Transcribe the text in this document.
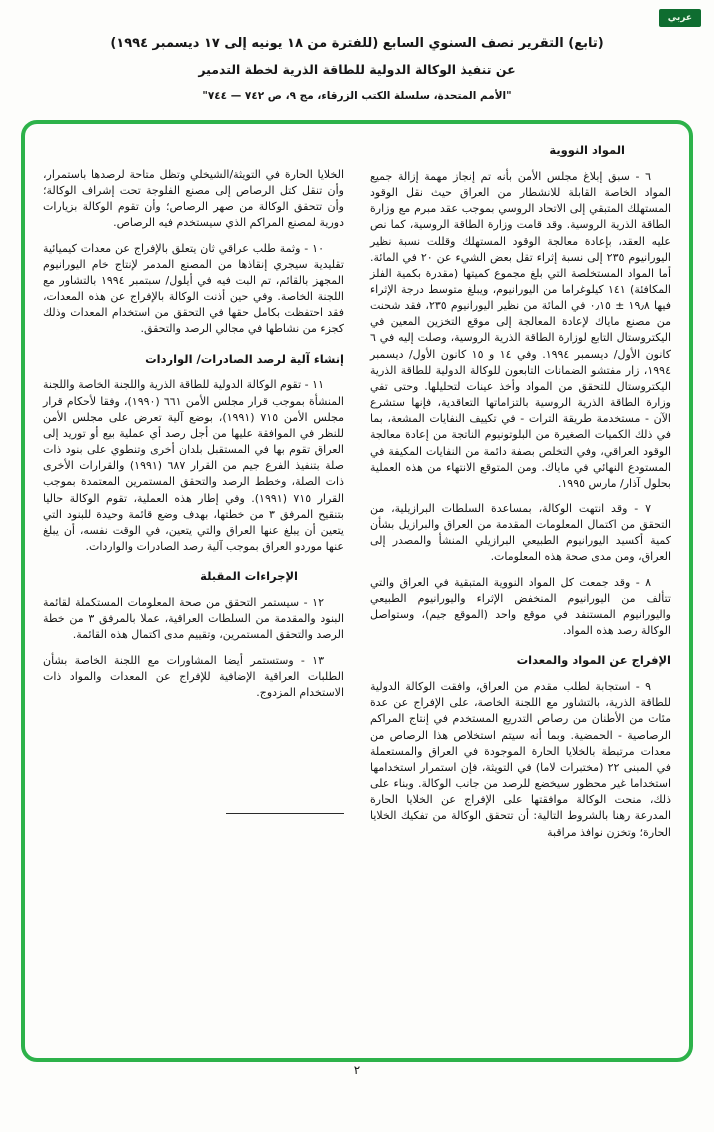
عربي
(تابع) التقرير نصف السنوي السابع (للفترة من ١٨ يونيه إلى ١٧ ديسمبر ١٩٩٤)
عن تنفيذ الوكالة الدولية للطاقة الذرية لخطة التدمير
"الأمم المتحدة، سلسلة الكتب الزرقاء، مج ٩، ص ٧٤٢ — ٧٤٤"
المواد النووية

٦ - سبق إبلاغ مجلس الأمن بأنه تم إنجاز مهمة إزالة جميع المواد الخاصة القابلة للانشطار من العراق حيث نقل الوقود المستهلك المتبقي إلى الاتحاد الروسي بموجب عقد مبرم مع وزارة الطاقة الذرية الروسية. وقد قامت وزارة الطاقة الروسية، كما نص عليه العقد، بإعادة معالجة الوقود المستهلك وقللت نسبة نظير اليورانيوم ٢٣٥ إلى نسبة إثراء تقل بعض الشيء عن ٢٠ في المائة. أما المواد المستخلصة التي بلغ مجموع كميتها (مقدرة بكمية الفلز المكافئة) ١٤١ كيلوغراما من اليورانيوم، ويبلغ متوسط درجة الإثراء فيها ١٩٫٨ ± ٠٫١٥ في المائة من نظير اليورانيوم ٢٣٥، فقد شحنت من مصنع ماياك لإعادة المعالجة إلى موقع التخزين المعين في اليكتروستال التابع لوزارة الطاقة الذرية الروسية، وصلت إليه في ٦ كانون الأول/ ديسمبر ١٩٩٤. وفي ١٤ و ١٥ كانون الأول/ ديسمبر ١٩٩٤، زار مفتشو الضمانات التابعون للوكالة الدولية للطاقة الذرية اليكتروستال للتحقق من المواد وأخذ عينات لتحليلها. وحتى تفي وزارة الطاقة الذرية الروسية بالتزاماتها التعاقدية، فإنها ستشرع الآن - مستخدمة طريقة الترات - في تكييف النفايات المشعة، بما في ذلك الكميات الصغيرة من البلوتونيوم الناتجة من إعادة معالجة الوقود العراقي، وفي التخلص بصفة دائمة من النفايات المكيفة في المستودع النهائي في ماياك. ومن المتوقع الانتهاء من هذه العملية بحلول آذار/ مارس ١٩٩٥.

٧ - وقد انتهت الوكالة، بمساعدة السلطات البرازيلية، من التحقق من اكتمال المعلومات المقدمة من العراق والبرازيل بشأن كمية أكسيد اليورانيوم الطبيعي البرازيلي المنشأ والمصدر إلى العراق، ومن مدى صحة هذه المعلومات.

٨ - وقد جمعت كل المواد النووية المتبقية في العراق والتي تتألف من اليورانيوم المنخفض الإثراء واليورانيوم الطبيعي واليورانيوم المستنفد في موقع واحد (الموقع جيم)، وستواصل الوكالة رصد هذه المواد.

الإفراج عن المواد والمعدات

٩ - استجابة لطلب مقدم من العراق، وافقت الوكالة الدولية للطاقة الذرية، بالتشاور مع اللجنة الخاصة، على الإفراج عن عدة مئات من الأطنان من رصاص التدريع المستخدم في إنتاج المراكم الرصاصية - الحمضية. وبما أنه سيتم استخلاص هذا الرصاص من معدات مرتبطة بالخلايا الحارة الموجودة في العراق والمستعملة في المبنى ٢٢ (مختبرات لاما) في التويثة، فإن استمرار استخدامها استخداما غير محظور سيخضع للرصد من جانب الوكالة. وبناء على ذلك، منحت الوكالة موافقتها على الإفراج عن الخلايا الحارة المدرعة رهنا بالشروط التالية: أن تتحقق الوكالة من تفكيك الخلايا الحارة؛ وتخزن نوافذ مراقبة

الخلايا الحارة في التويثة/الشيخلي وتظل متاحة لرصدها باستمرار، وأن تنقل كتل الرصاص إلى مصنع الفلوجة تحت إشراف الوكالة؛ وأن تتحقق الوكالة من صهر الرصاص؛ وأن تقوم الوكالة بزيارات دورية لمصنع المراكم الذي سيستخدم فيه الرصاص.

١٠ - وثمة طلب عراقي ثان يتعلق بالإفراج عن معدات كيميائية تقليدية سيجري إنقاذها من المصنع المدمر لإنتاج خام اليورانيوم المجهز بالقائم، تم البت فيه في أيلول/ سبتمبر ١٩٩٤ بالتشاور مع اللجنة الخاصة. وفي حين أذنت الوكالة بالإفراج عن هذه المعدات، فقد احتفظت بكامل حقها في التحقق من استخدام المعدات وذلك كجزء من نشاطها في مجالي الرصد والتحقق.

إنشاء آلية لرصد الصادرات/ الواردات

١١ - تقوم الوكالة الدولية للطاقة الذرية واللجنة الخاصة واللجنة المنشأة بموجب قرار مجلس الأمن ٦٦١ (١٩٩٠)، وفقا لأحكام قرار مجلس الأمن ٧١٥ (١٩٩١)، بوضع آلية تعرض على مجلس الأمن للنظر في الموافقة عليها من أجل رصد أي عملية بيع أو توريد إلى العراق تقوم بها في المستقبل بلدان أخرى وتنطوي على بنود ذات صلة بتنفيذ الفرع جيم من القرار ٦٨٧ (١٩٩١) والقرارات الأخرى ذات الصلة، وخطط الرصد والتحقق المستمرين المعتمدة بموجب القرار ٧١٥ (١٩٩١). وفي إطار هذه العملية، تقوم الوكالة حاليا بتنقيح المرفق ٣ من خطتها، بهدف وضع قائمة وحيدة للبنود التي يتعين أن يبلغ عنها العراق والتي يتعين، في الوقت نفسه، أن يبلغ عنها موردو العراق بموجب آلية رصد الصادرات والواردات.

الإجراءات المقبلة

١٢ - سيستمر التحقق من صحة المعلومات المستكملة لقائمة البنود والمقدمة من السلطات العراقية، عملا بالمرفق ٣ من خطة الرصد والتحقق المستمرين، وتقييم مدى اكتمال هذه القائمة.

١٣ - وستستمر أيضا المشاورات مع اللجنة الخاصة بشأن الطلبات العراقية الإضافية للإفراج عن المعدات والمواد ذات الاستخدام المزدوج.

٢
